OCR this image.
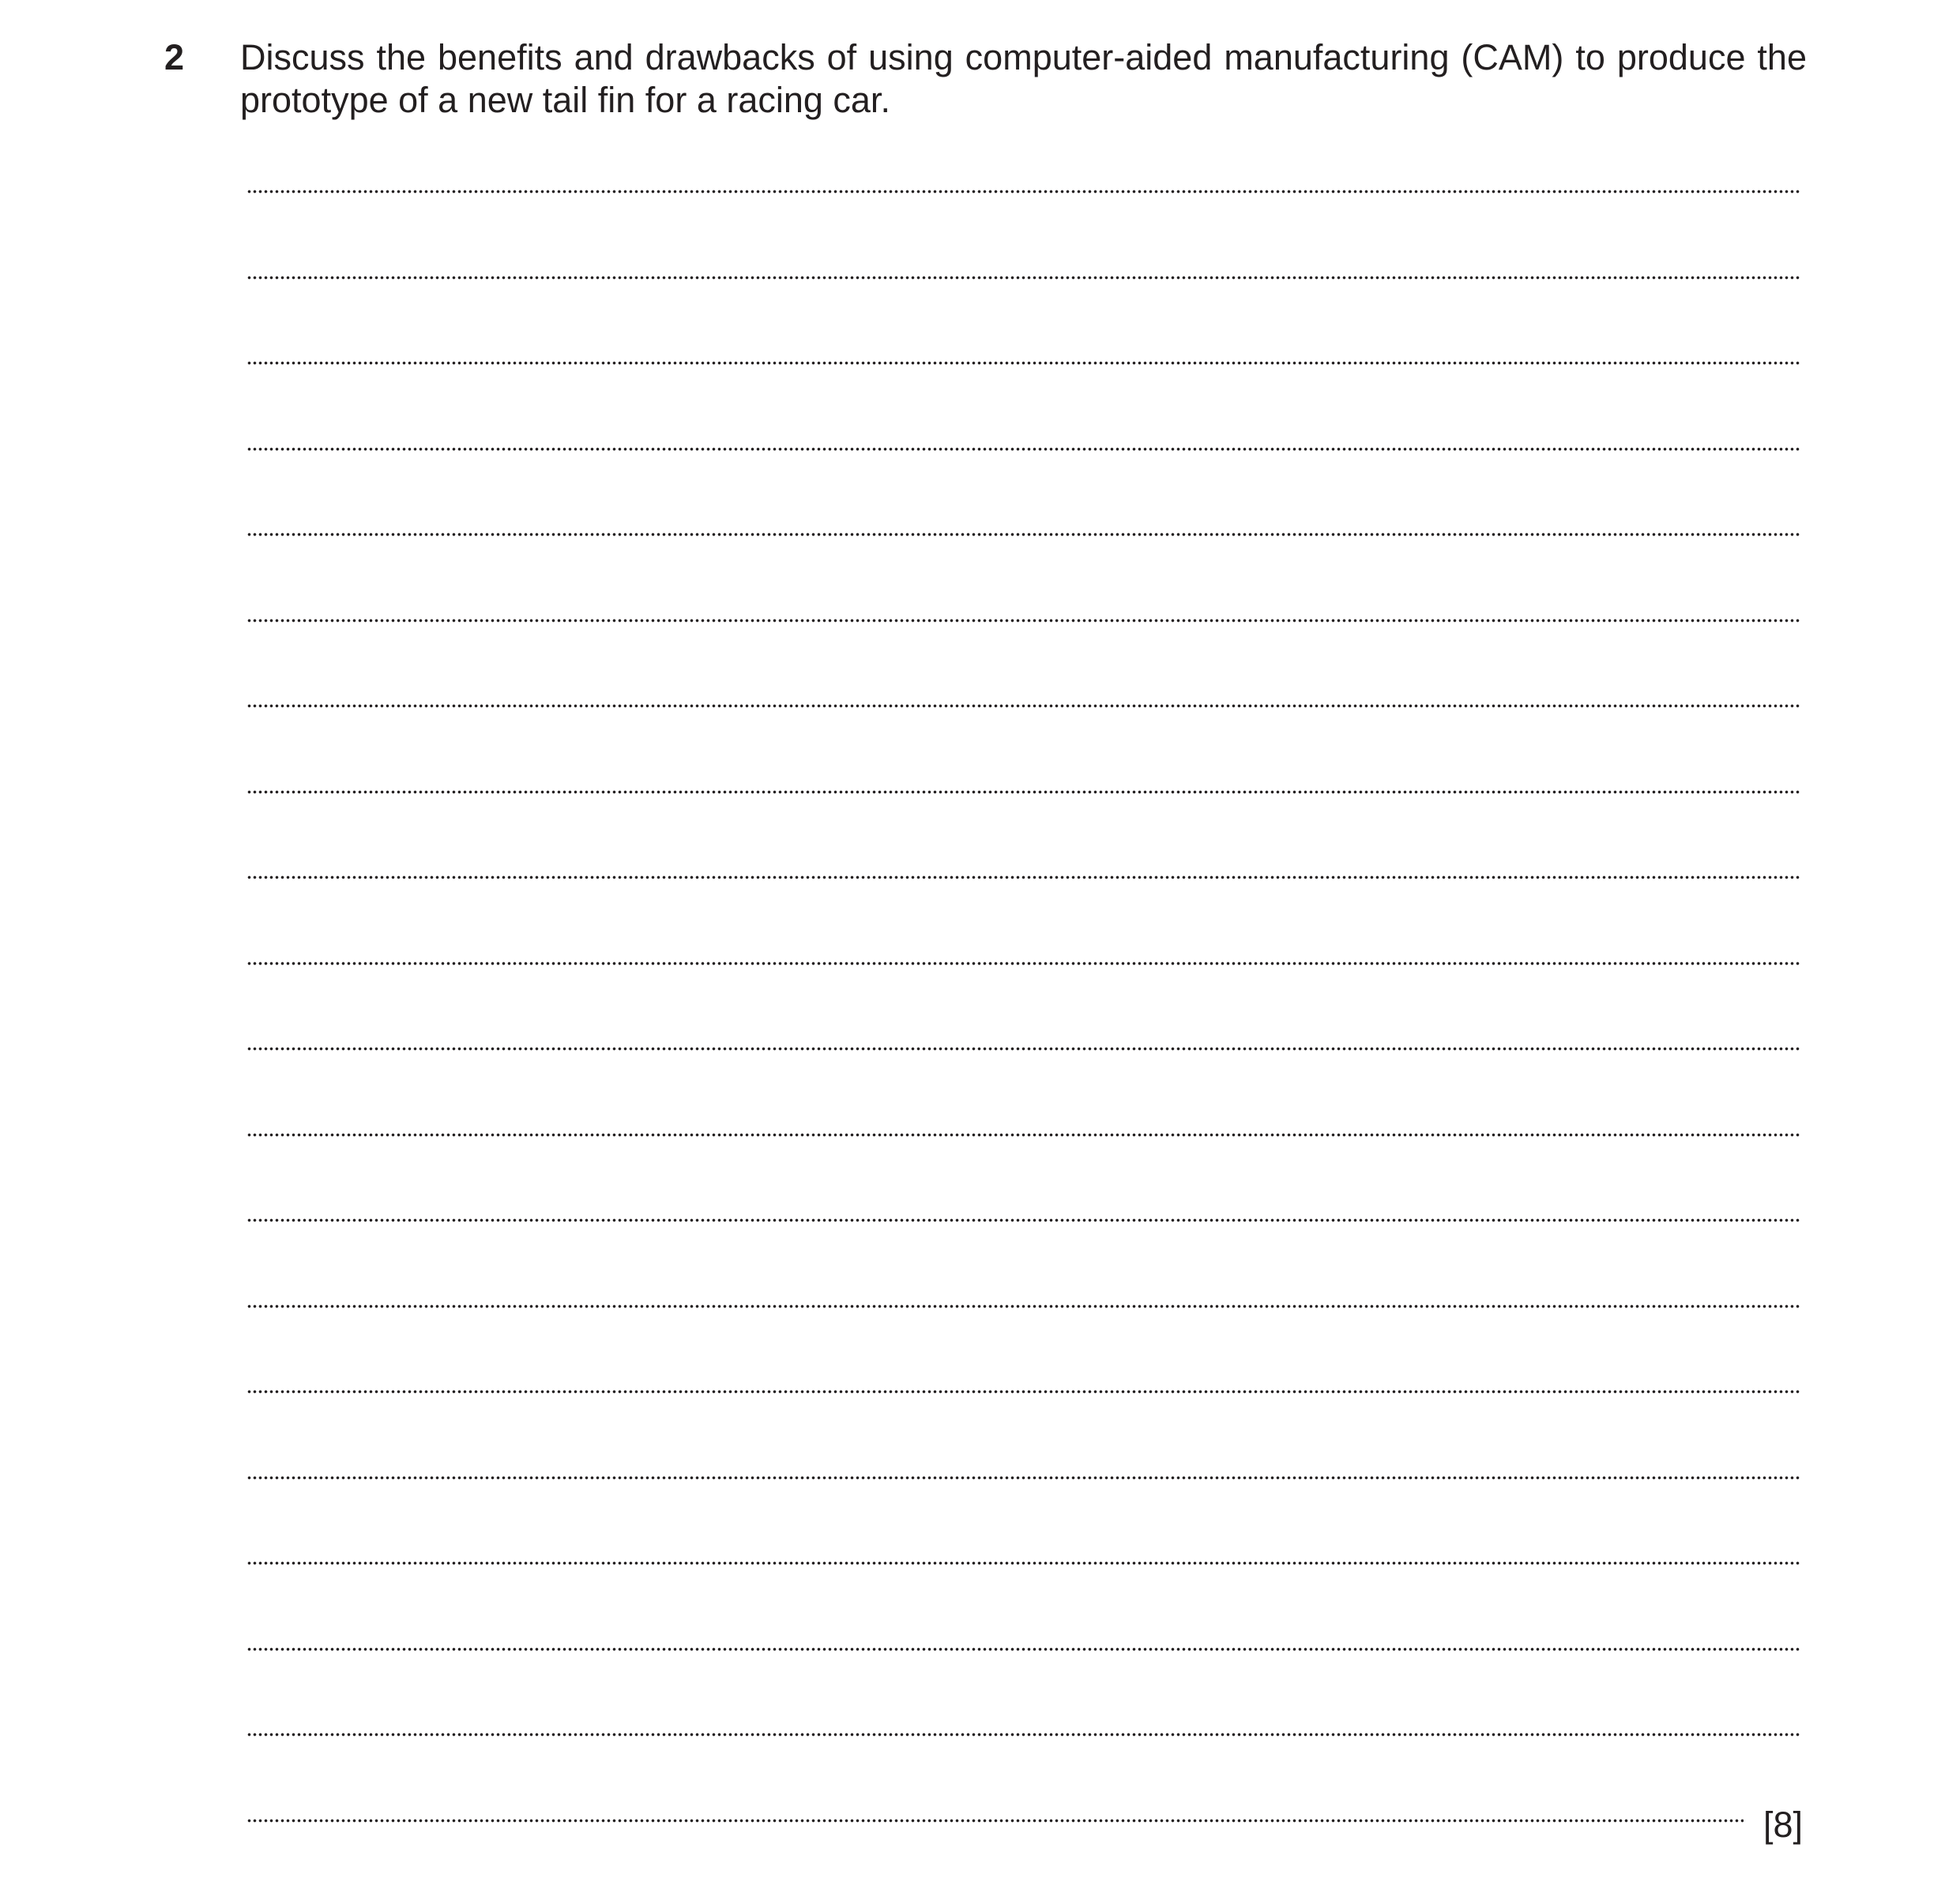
2 Discuss the benefits and drawbacks of using computer-aided manufacturing (CAM) to produce the prototype of a new tail fin for a racing car.
[8]
